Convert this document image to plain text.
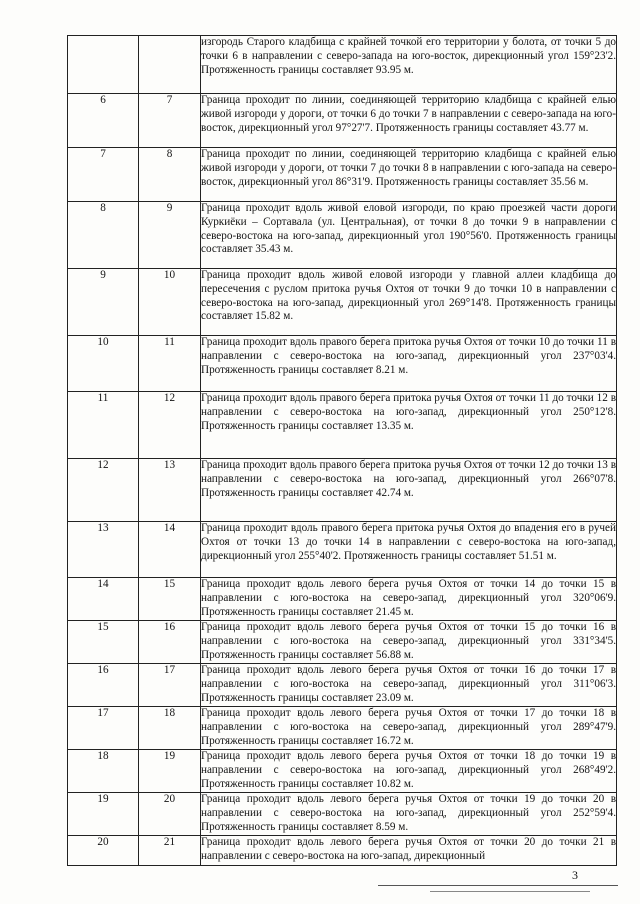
		изгородь Старого кладбища с крайней точкой его территории у болота, от точки 5 до точки 6 в направлении с северо-запада на юго-восток, дирекционный угол 159°23'2. Протяженность границы составляет 93.95 м.
6	7	Граница проходит по линии, соединяющей территорию кладбища с крайней елью живой изгороди у дороги, от точки 6 до точки 7 в направлении с северо-запада на юго-восток, дирекционный угол 97°27'7. Протяженность границы составляет 43.77 м.
7	8	Граница проходит по линии, соединяющей территорию кладбища с крайней елью живой изгороди у дороги, от точки 7 до точки 8 в направлении с юго-запада на северо-восток, дирекционный угол 86°31'9. Протяженность границы составляет 35.56 м.
8	9	Граница проходит вдоль живой еловой изгороди, по краю проезжей части дороги Куркиёки – Сортавала (ул. Центральная), от точки 8 до точки 9 в направлении с северо-востока на юго-запад, дирекционный угол 190°56'0. Протяженность границы составляет 35.43 м.
9	10	Граница проходит вдоль живой еловой изгороди у главной аллеи кладбища до пересечения с руслом притока ручья Охтоя от точки 9 до точки 10 в направлении с северо-востока на юго-запад, дирекционный угол 269°14'8. Протяженность границы составляет 15.82 м.
10	11	Граница проходит вдоль правого берега притока ручья Охтоя от точки 10 до точки 11 в направлении с северо-востока на юго-запад, дирекционный угол 237°03'4. Протяженность границы составляет 8.21 м.
11	12	Граница проходит вдоль правого берега притока ручья Охтоя от точки 11 до точки 12 в направлении с северо-востока на юго-запад, дирекционный угол 250°12'8. Протяженность границы составляет 13.35 м.
12	13	Граница проходит вдоль правого берега притока ручья Охтоя от точки 12 до точки 13 в направлении с северо-востока на юго-запад, дирекционный угол 266°07'8. Протяженность границы составляет 42.74 м.
13	14	Граница проходит вдоль правого берега притока ручья Охтоя до впадения его в ручей Охтоя от точки 13 до точки 14 в направлении с северо-востока на юго-запад, дирекционный угол 255°40'2. Протяженность границы составляет 51.51 м.
14	15	Граница проходит вдоль левого берега ручья Охтоя от точки 14 до точки 15 в направлении с юго-востока на северо-запад, дирекционный угол 320°06'9. Протяженность границы составляет 21.45 м.
15	16	Граница проходит вдоль левого берега ручья Охтоя от точки 15 до точки 16 в направлении с юго-востока на северо-запад, дирекционный угол 331°34'5. Протяженность границы составляет 56.88 м.
16	17	Граница проходит вдоль левого берега ручья Охтоя от точки 16 до точки 17 в направлении с юго-востока на северо-запад, дирекционный угол 311°06'3. Протяженность границы составляет 23.09 м.
17	18	Граница проходит вдоль левого берега ручья Охтоя от точки 17 до точки 18 в направлении с юго-востока на северо-запад, дирекционный угол 289°47'9. Протяженность границы составляет 16.72 м.
18	19	Граница проходит вдоль левого берега ручья Охтоя от точки 18 до точки 19 в направлении с северо-востока на юго-запад, дирекционный угол 268°49'2. Протяженность границы составляет 10.82 м.
19	20	Граница проходит вдоль левого берега ручья Охтоя от точки 19 до точки 20 в направлении с северо-востока на юго-запад, дирекционный угол 252°59'4. Протяженность границы составляет 8.59 м.
20	21	Граница проходит вдоль левого берега ручья Охтоя от точки 20 до точки 21 в направлении с северо-востока на юго-запад, дирекционный
3
